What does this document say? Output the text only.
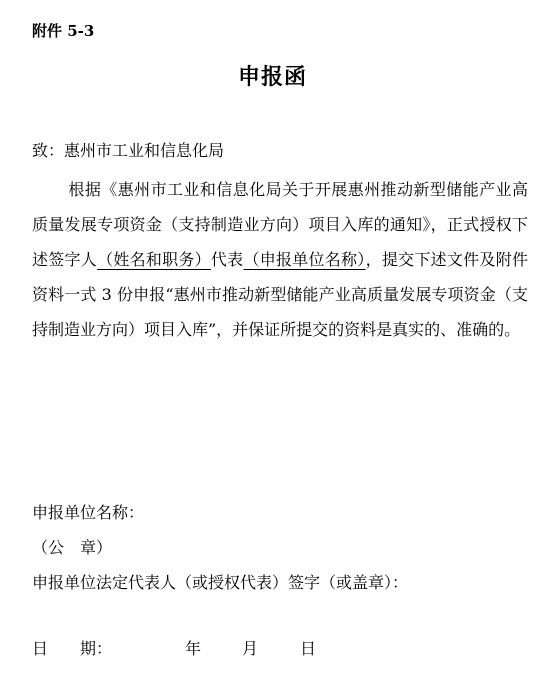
附件 5-3
申报函
致：惠州市工业和信息化局
根据《惠州市工业和信息化局关于开展惠州推动新型储能产业高质量发展专项资金（支持制造业方向）项目入库的通知》，正式授权下述签字人（姓名和职务）代表（申报单位名称），提交下述文件及附件资料一式 3 份申报“惠州市推动新型储能产业高质量发展专项资金（支持制造业方向）项目入库”，并保证所提交的资料是真实的、准确的。
申报单位名称：
（公　章）
申报单位法定代表人（或授权代表）签字（或盖章）：
日　　期：	年	月	日
